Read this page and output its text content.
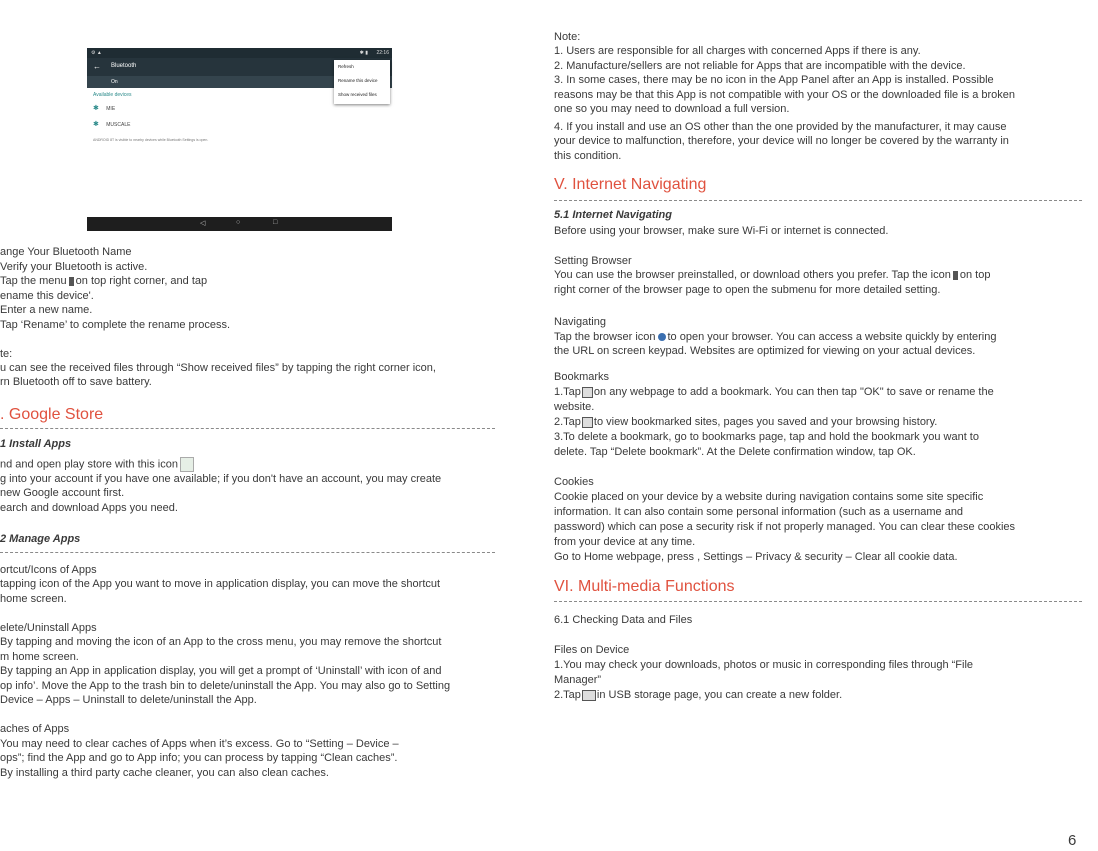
⚙ ▲	22:16
✱ ▮
← Bluetooth
On
Available devices
✱ MIE
✱ MUSCALE
ANDROID 8T is visible to nearby devices while Bluetooth Settings is open.
Refresh
Rename this device
Show received files
◁	○	□
ange Your Bluetooth Name
Verify your Bluetooth is active.
Tap the menu on top right corner, and tap
ename this device'.
Enter a new name.
Tap ‘Rename’ to complete the rename process.
te:
u can see the received files through “Show received files” by tapping the right corner icon,
rn Bluetooth off to save battery.
. Google Store
1 Install Apps
nd and open play store with this icon
g into your account if you have one available; if you don't have an account, you may create
new Google account first.
earch and download Apps you need.
2 Manage Apps
ortcut/Icons of Apps
tapping icon of the App you want to move in application display, you can move the shortcut
home screen.
elete/Uninstall Apps
By tapping and moving the icon of an App to the cross menu, you may remove the shortcut
m home screen.
By tapping an App in application display, you will get a prompt of ‘Uninstall’ with icon of and
op info’. Move the App to the trash bin to delete/uninstall the App. You may also go to Setting
Device – Apps – Uninstall to delete/uninstall the App.
aches of Apps
You may need to clear caches of Apps when it’s excess. Go to “Setting – Device –
ops”; find the App and go to App info; you can process by tapping “Clean caches”.
By installing a third party cache cleaner, you can also clean caches.
Note:
1. Users are responsible for all charges with concerned Apps if there is any.
2. Manufacture/sellers are not reliable for Apps that are incompatible with the device.
3. In some cases, there may be no icon in the App Panel after an App is installed. Possible
reasons may be that this App is not compatible with your OS or the downloaded file is a broken
one so you may need to download a full version.
4. If you install and use an OS other than the one provided by the manufacturer, it may cause
your device to malfunction, therefore, your device will no longer be covered by the warranty in
this condition.
V. Internet Navigating
5.1 Internet Navigating
Before using your browser, make sure Wi-Fi or internet is connected.
Setting Browser
You can use the browser preinstalled, or download others you prefer. Tap the icon on top
right corner of the browser page to open the submenu for more detailed setting.
Navigating
Tap the browser icon to open your browser. You can access a website quickly by entering
the URL on screen keypad. Websites are optimized for viewing on your actual devices.
Bookmarks
1.Tap on any webpage to add a bookmark. You can then tap "OK" to save or rename the
website.
2.Tap to view bookmarked sites, pages you saved and your browsing history.
3.To delete a bookmark, go to bookmarks page, tap and hold the bookmark you want to
delete. Tap “Delete bookmark”. At the Delete confirmation window, tap OK.
Cookies
Cookie placed on your device by a website during navigation contains some site specific
information. It can also contain some personal information (such as a username and
password) which can pose a security risk if not properly managed. You can clear these cookies
from your device at any time.
Go to Home webpage, press , Settings – Privacy & security – Clear all cookie data.
VI. Multi-media Functions
6.1 Checking Data and Files
Files on Device
1.You may check your downloads, photos or music in corresponding files through “File
Manager”
2.Tap in USB storage page, you can create a new folder.
6
